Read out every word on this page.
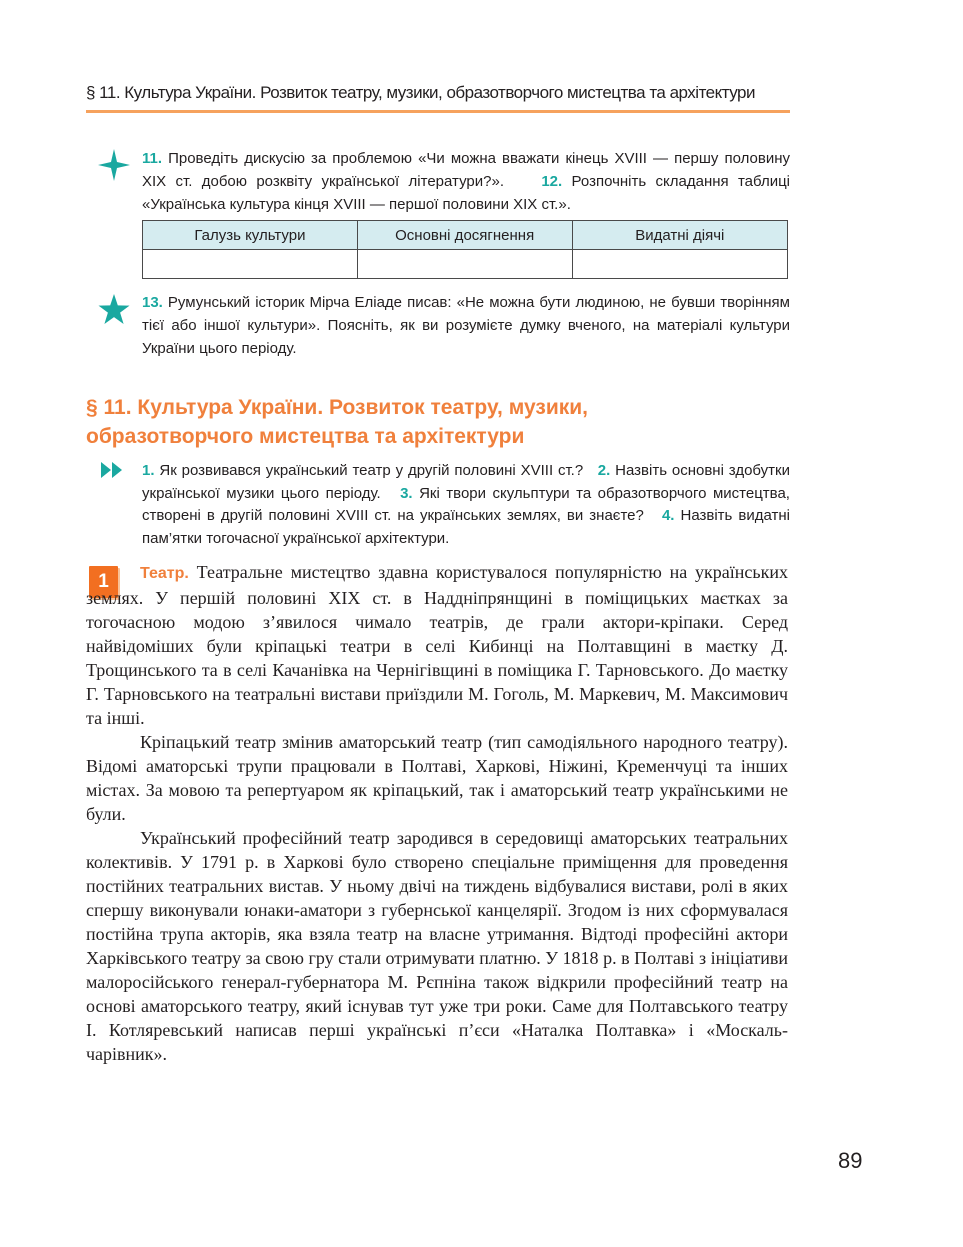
§ 11. Культура України. Розвиток театру, музики, образотворчого мистецтва та архітектури
11. Проведіть дискусію за проблемою «Чи можна вважати кінець XVIII — першу половину XIX ст. добою розквіту української літератури?». 12. Розпочніть складання таблиці «Українська культура кінця XVIII — першої половини XIX ст.».
Галузь культури	Основні досягнення	Видатні діячі

13. Румунський історик Мірча Еліаде писав: «Не можна бути людиною, не бувши творінням тієї або іншої культури». Поясніть, як ви розумієте думку вченого, на матеріалі культури України цього періоду.
§ 11. Культура України. Розвиток театру, музики,
образотворчого мистецтва та архітектури
1. Як розвивався український театр у другій половині XVIII ст.? 2. Назвіть основні здобутки української музики цього періоду. 3. Які твори скульптури та образотворчого мистецтва, створені в другій половині XVIII ст. на українських землях, ви знаєте? 4. Назвіть видатні пам’ятки тогочасної української архітектури.
1	Театр. Театральне мистецтво здавна користувалося популярністю на українських землях. У першій половині XIX ст. в Наддніпрянщині в поміщицьких маєтках за тогочасною модою з’явилося чимало театрів, де грали актори-кріпаки. Серед найвідоміших були кріпацькі театри в селі Кибинці на Полтавщині в маєтку Д. Трощинського та в селі Качанівка на Чернігівщині в поміщика Г. Тарновського. До маєтку Г. Тарновського на театральні вистави приїздили М. Гоголь, М. Маркевич, М. Максимович та інші.

Кріпацький театр змінив аматорський театр (тип самодіяльного народного театру). Відомі аматорські трупи працювали в Полтаві, Харкові, Ніжині, Кременчуці та інших містах. За мовою та репертуаром як кріпацький, так і аматорський театр українськими не були.

Український професійний театр зародився в середовищі аматорських театральних колективів. У 1791 р. в Харкові було створено спеціальне приміщення для проведення постійних театральних вистав. У ньому двічі на тиждень відбувалися вистави, ролі в яких спершу виконували юнаки-аматори з губернської канцелярії. Згодом із них сформувалася постійна трупа акторів, яка взяла театр на власне утримання. Відтоді професійні актори Харківського театру за свою гру стали отримувати платню. У 1818 р. в Полтаві з ініціативи малоросійського генерал-губернатора М. Рєпніна також відкрили професійний театр на основі аматорського театру, який існував тут уже три роки. Саме для Полтавського театру І. Котляревський написав перші українські п’єси «Наталка Полтавка» і «Москаль-чарівник».

89
